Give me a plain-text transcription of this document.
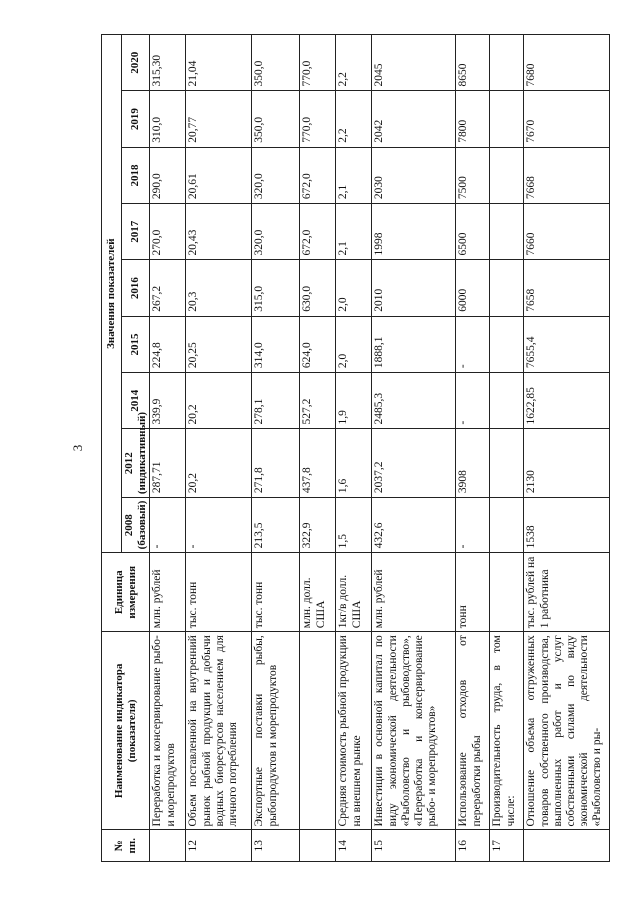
3
№ пп.	Наименование индикатора (показателя)	Единица измерения	Значения показателей								
			2008 (базовый)	2012 (индикативный)	2014	2015	2016	2017	2018	2019	2020
	Переработка и консервирование рыбо- и морепродуктов	млн. рублей	-	287,71	339,9	224,8	267,2	270,0	290,0	310,0	315,30
12	Объем поставленной на внутренний рынок рыбной продукции и добычи водных биоресурсов населением для личного потребления	тыс. тонн	-	20,2	20,2	20,25	20,3	20,43	20,61	20,77	21,04
13	Экспортные поставки рыбы, рыбопродуктов и морепродуктов	тыс. тонн	213,5	271,8	278,1	314,0	315,0	320,0	320,0	350,0	350,0
		млн. долл. США	322,9	437,8	527,2	624,0	630,0	672,0	672,0	770,0	770,0
14	Средняя стоимость рыбной продукции на внешнем рынке	1кг/в долл. США	1,5	1,6	1,9	2,0	2,0	2,1	2,1	2,2	2,2
15	Инвестиции в основной капитал по виду экономической деятельности «Рыболовство и рыбоводство», «Переработка и консервирование рыбо- и морепродуктов»	млн. рублей	432,6	2037,2	2485,3	1888,1	2010	1998	2030	2042	2045
16	Использование отходов от переработки рыбы	тонн	-	3908	-	-	6000	6500	7500	7800	8650
17	Производительность труда, в том числе:										
	Отношение объема отгруженных товаров собственного производства, выполненных работ и услуг собственными силами по виду экономической деятельности «Рыболовство и ры-	тыс. рублей на 1 работника	1538	2130	1622,85	7655,4	7658	7660	7668	7670	7680
